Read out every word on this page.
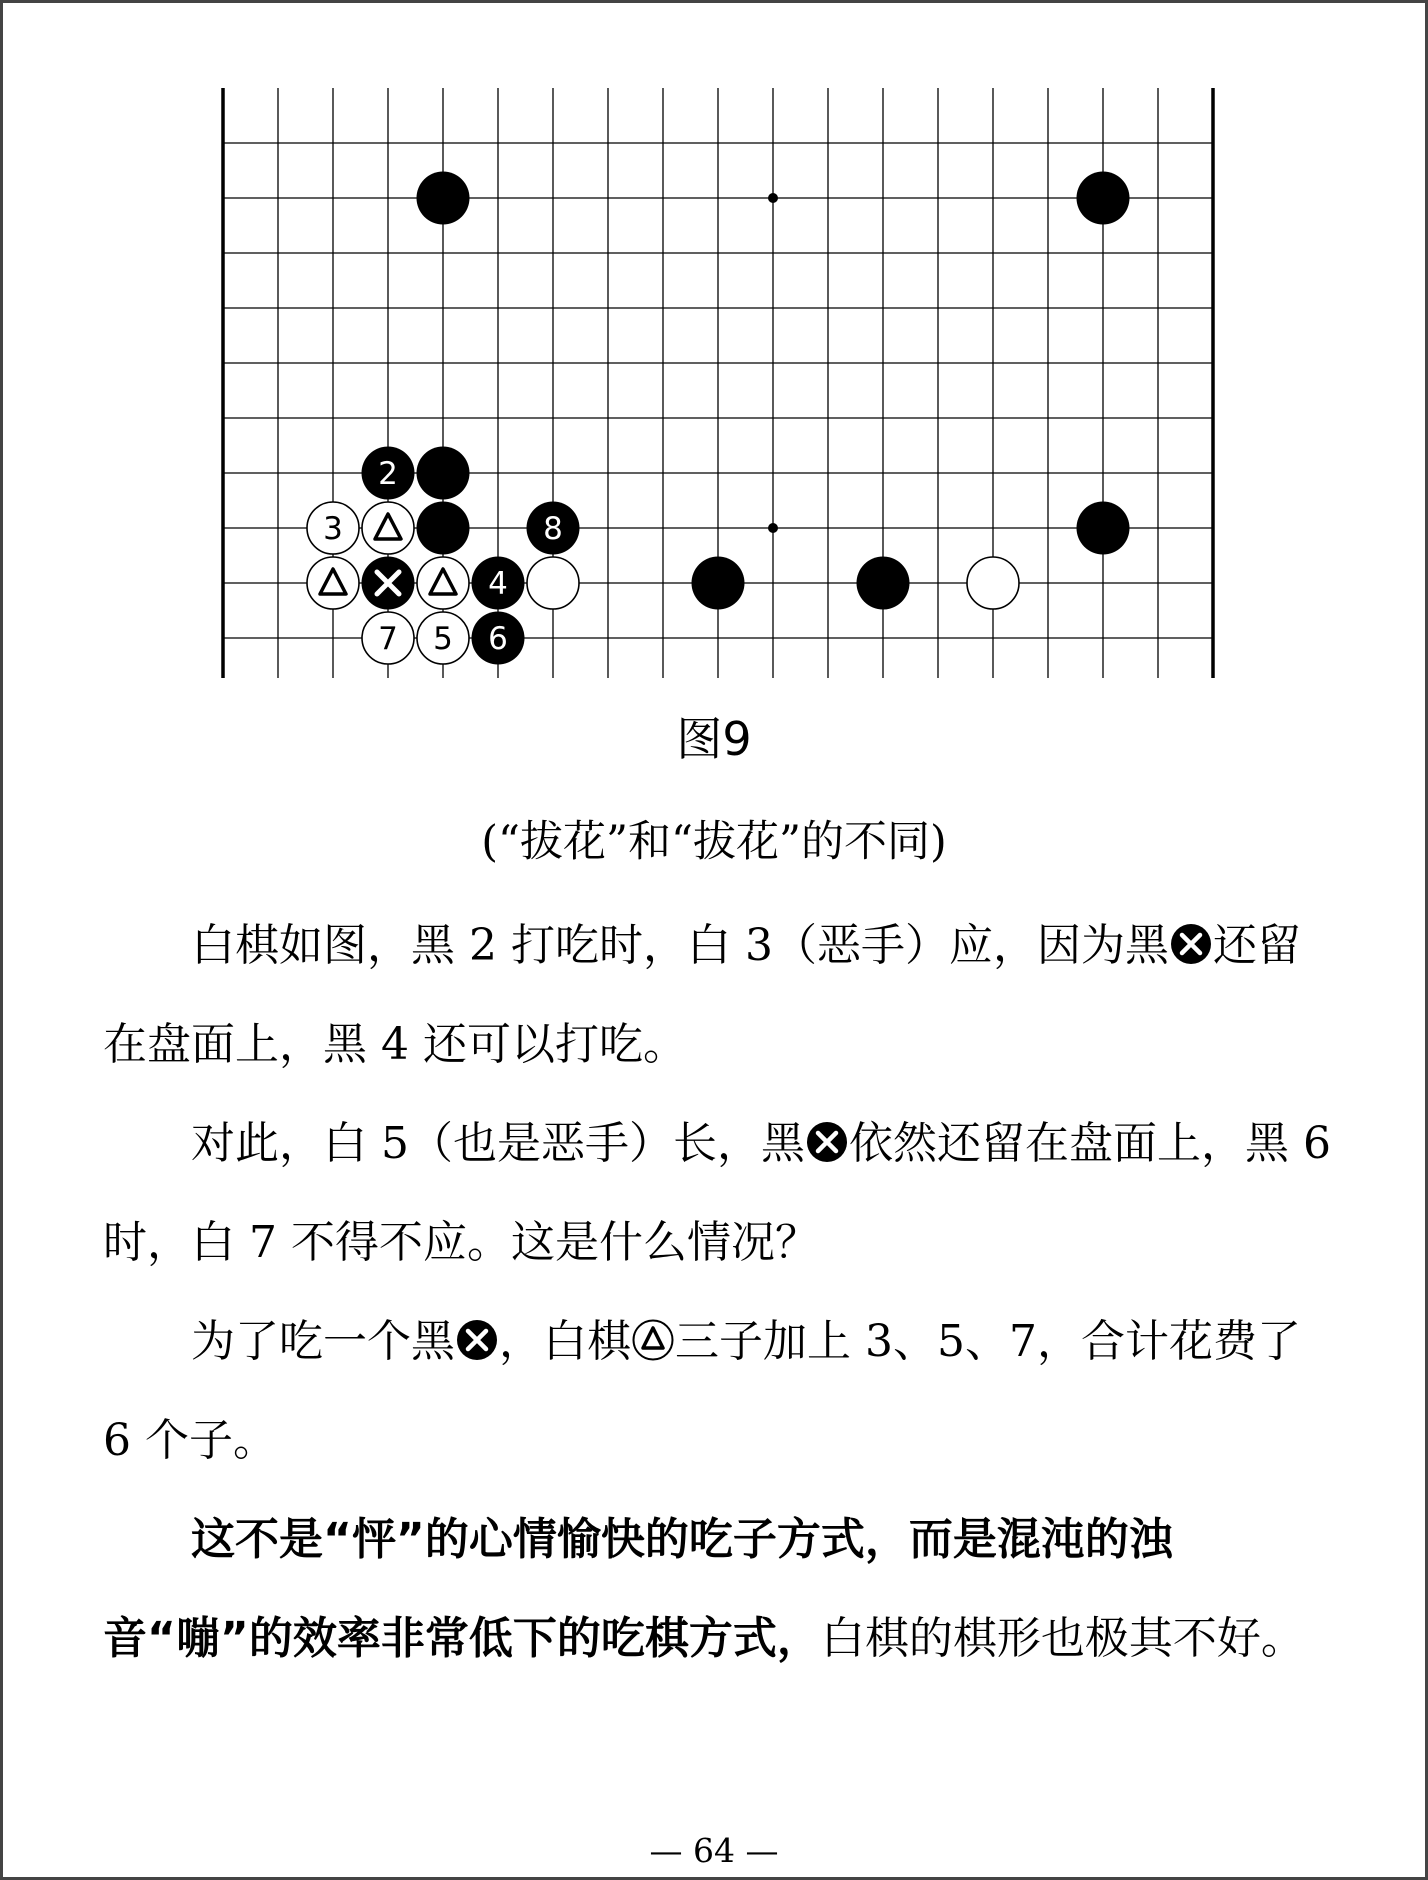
2
3	8
4
7 5 6
图9
(“拔花”和“拔花”的不同)

白棋如图，黑 2 打吃时，白 3（恶手）应，因为黑 还留在盘面上，黑 4 还可以打吃。

对此，白 5（也是恶手）长，黑 依然还留在盘面上，黑 6 时，白 7 不得不应。这是什么情况？

为了吃一个黑 ，白棋 三子加上 3、5、7，合计花费了 6 个子。

这不是“怦”的心情愉快的吃子方式，而是混沌的浊音“嘣”的效率非常低下的吃棋方式，白棋的棋形也极其不好。

— 64 —
